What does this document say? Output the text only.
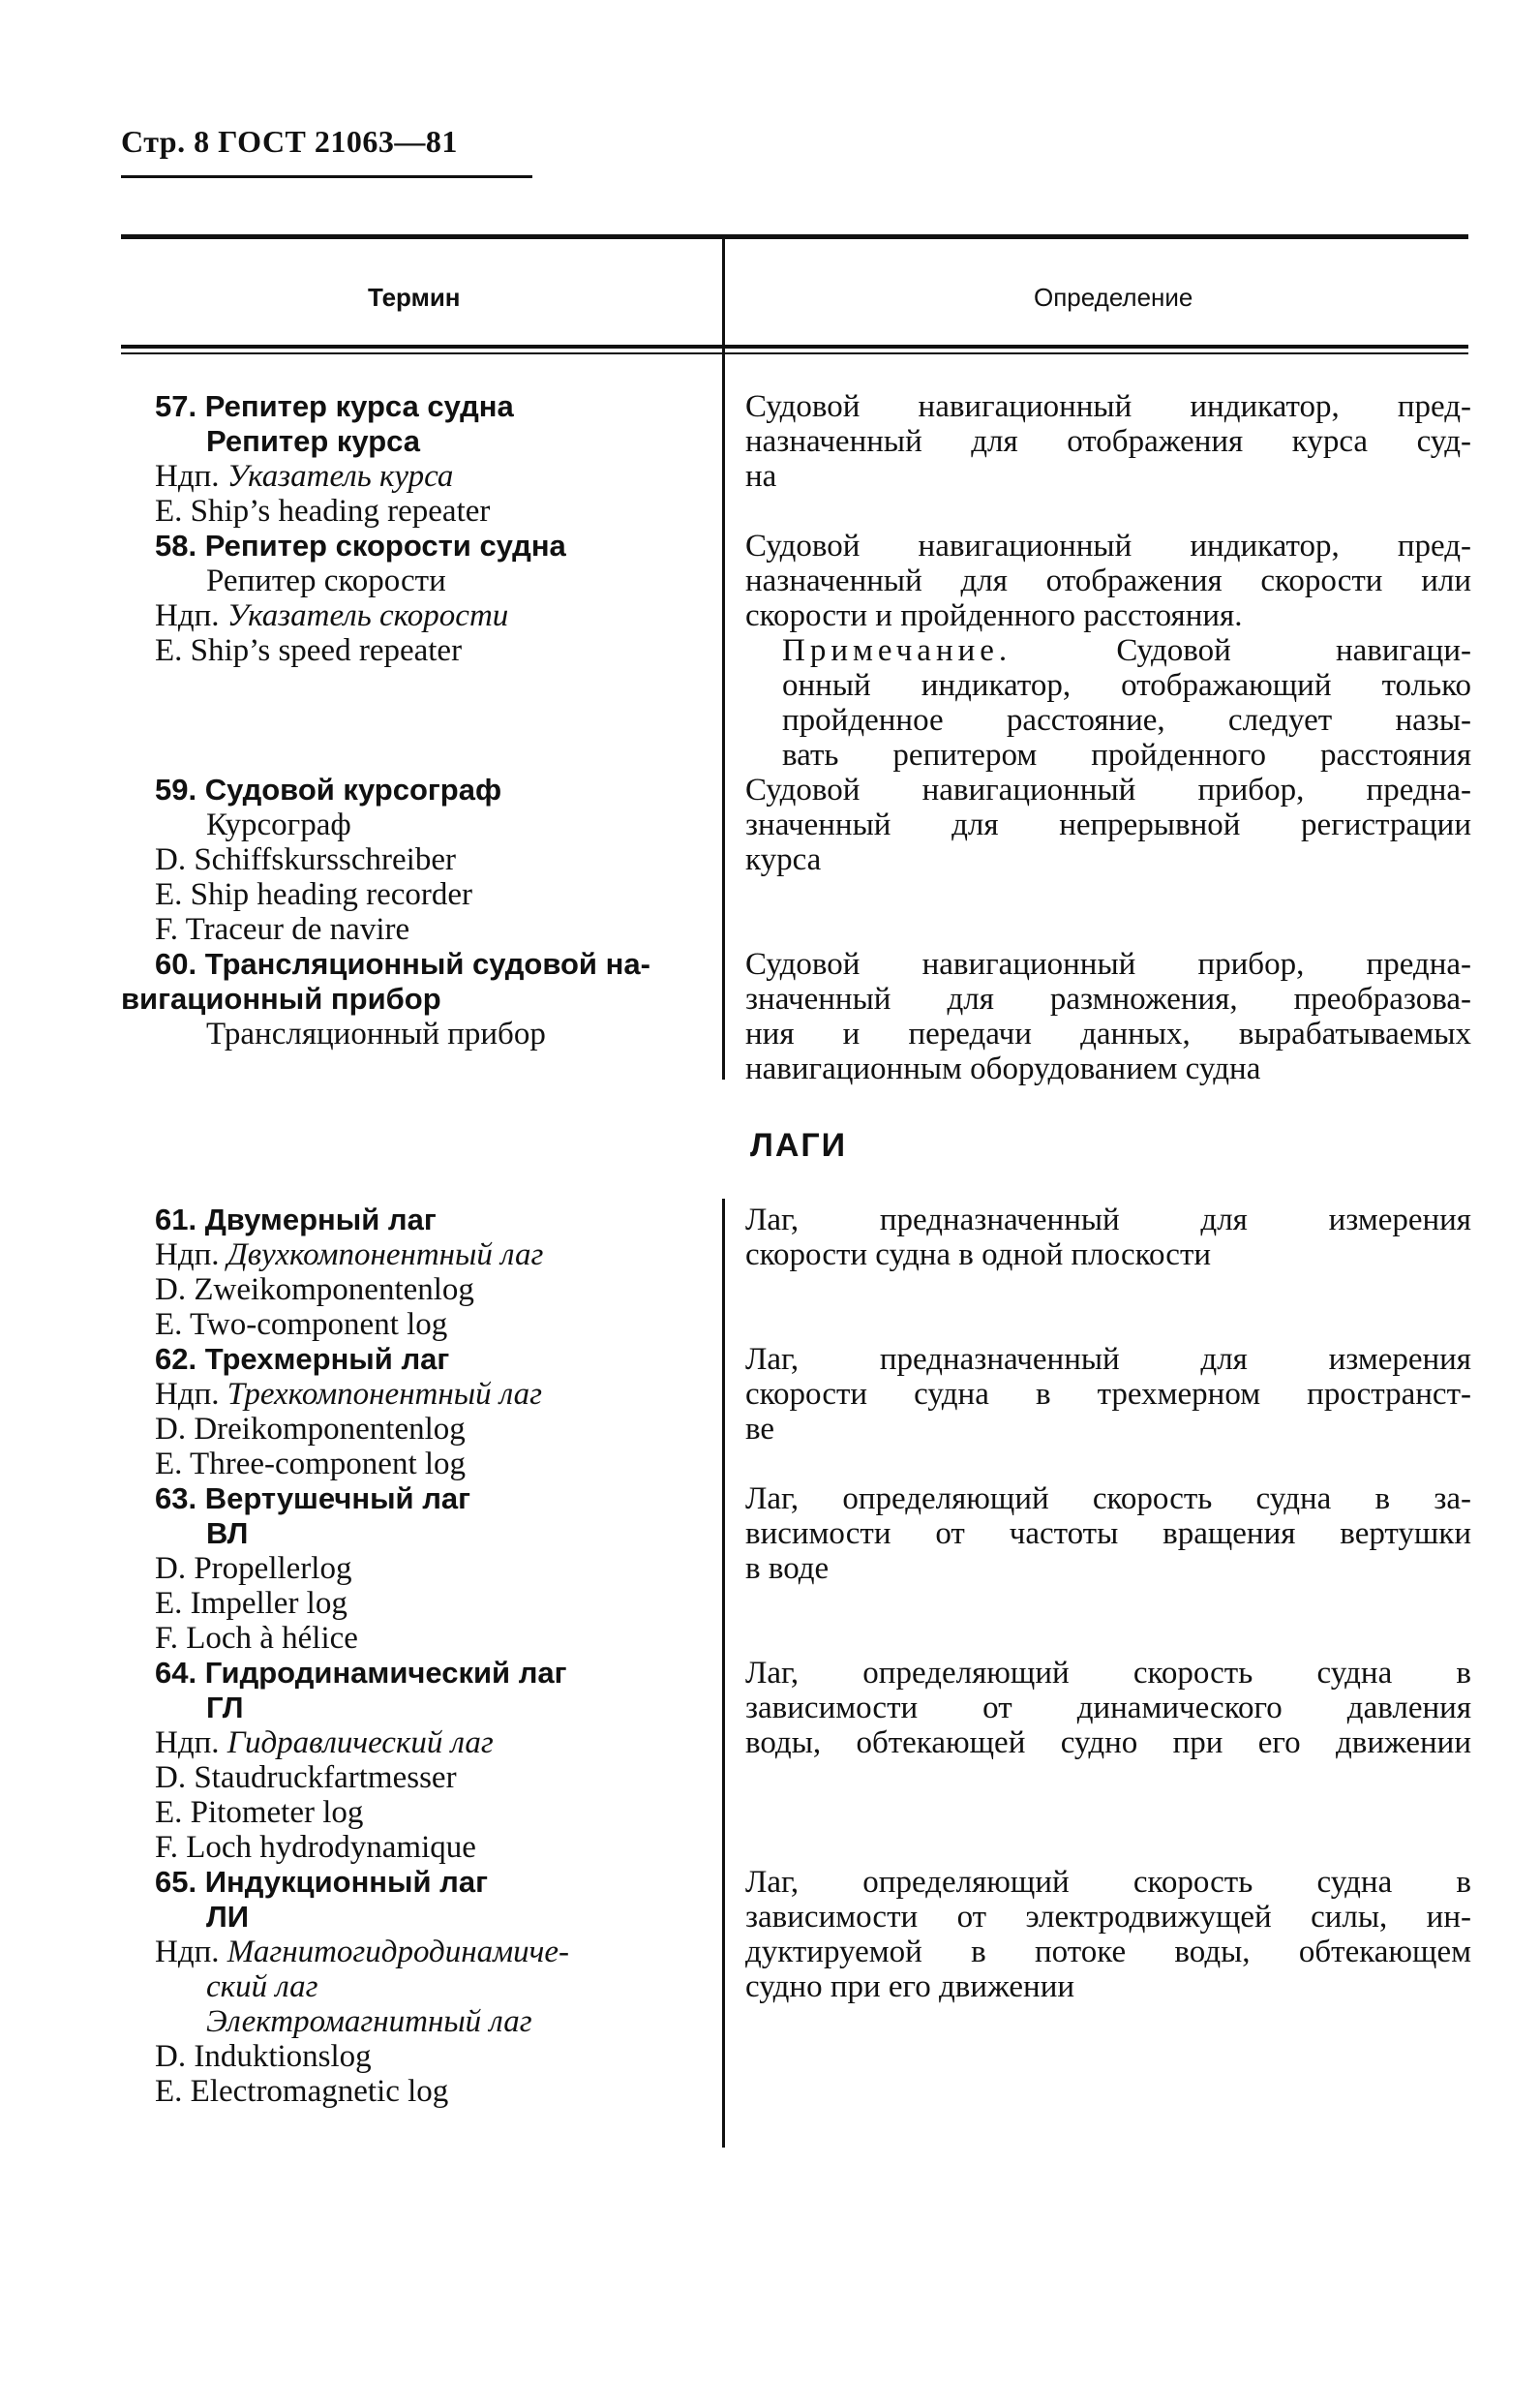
Стр. 8 ГОСТ 21063—81
Термин	Определение
57. Репитер курса судна
Репитер курса
Ндп. Указатель курса
E. Ship’s heading repeater
Судовой навигационный индикатор, пред-
назначенный для отображения курса суд-
на
58. Репитер скорости судна
Репитер скорости
Ндп. Указатель скорости
E. Ship’s speed repeater
Судовой навигационный индикатор, пред-
назначенный для отображения скорости или
скорости и пройденного расстояния.
Примечание. Судовой навигаци-
онный индикатор, отображающий только
пройденное расстояние, следует назы-
вать репитером пройденного расстояния
59. Судовой курсограф
Курсограф
D. Schiffskursschreiber
E. Ship heading recorder
F. Traceur de navire
Судовой навигационный прибор, предна-
значенный для непрерывной регистрации
курса
60. Трансляционный судовой на-
вигационный прибор
Трансляционный прибор
Судовой навигационный прибор, предна-
значенный для размножения, преобразова-
ния и передачи данных, вырабатываемых
навигационным оборудованием судна
ЛАГИ
61. Двумерный лаг
Ндп. Двухкомпонентный лаг
D. Zweikomponentenlog
E. Two-component log
Лаг, предназначенный для измерения
скорости судна в одной плоскости
62. Трехмерный лаг
Ндп. Трехкомпонентный лаг
D. Dreikomponentenlog
E. Three-component log
Лаг, предназначенный для измерения
скорости судна в трехмерном пространст-
ве
63. Вертушечный лаг
ВЛ
D. Propellerlog
E. Impeller log
F. Loch à hélice
Лаг, определяющий скорость судна в за-
висимости от частоты вращения вертушки
в воде
64. Гидродинамический лаг
ГЛ
Ндп. Гидравлический лаг
D. Staudruckfartmesser
E. Pitometer log
F. Loch hydrodynamique
Лаг, определяющий скорость судна в
зависимости от динамического давления
воды, обтекающей судно при его движении
65. Индукционный лаг
ЛИ
Ндп. Магнитогидродинамиче-
ский лаг
Электромагнитный лаг
D. Induktionslog
E. Electromagnetic log
Лаг, определяющий скорость судна в
зависимости от электродвижущей силы, ин-
дуктируемой в потоке воды, обтекающем
судно при его движении
